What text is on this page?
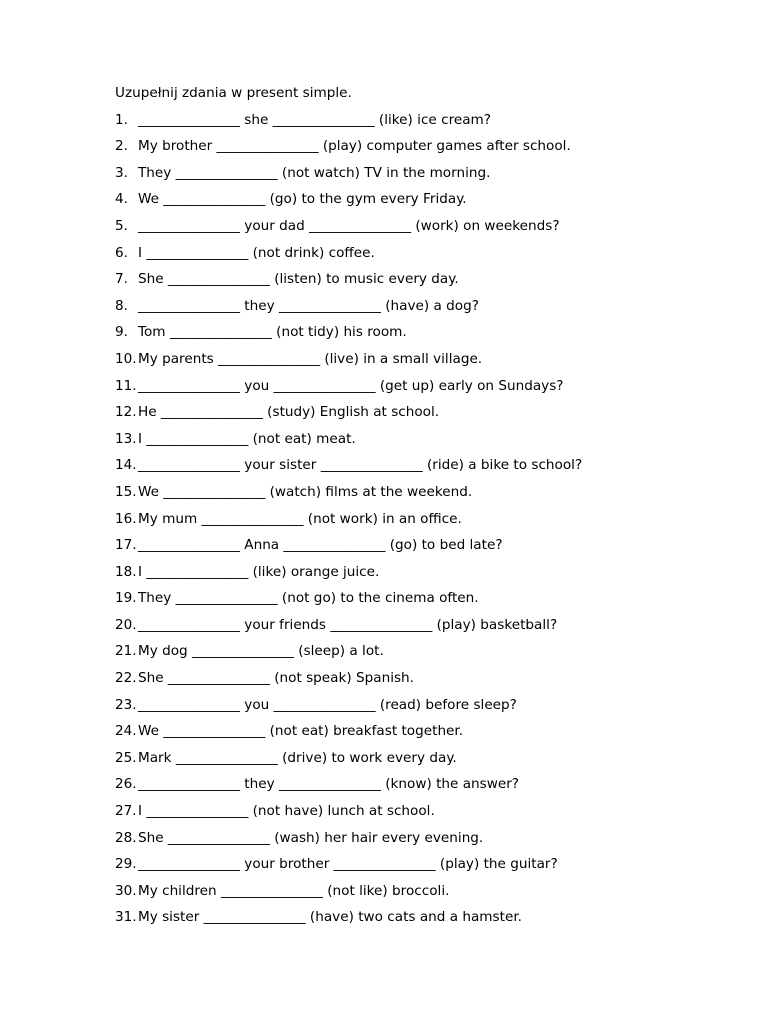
Uzupełnij zdania w present simple.
1. _______________ she _______________ (like) ice cream?
2. My brother _______________ (play) computer games after school.
3. They _______________ (not watch) TV in the morning.
4. We _______________ (go) to the gym every Friday.
5. _______________ your dad _______________ (work) on weekends?
6. I _______________ (not drink) coffee.
7. She _______________ (listen) to music every day.
8. _______________ they _______________ (have) a dog?
9. Tom _______________ (not tidy) his room.
10. My parents _______________ (live) in a small village.
11. _______________ you _______________ (get up) early on Sundays?
12. He _______________ (study) English at school.
13. I _______________ (not eat) meat.
14. _______________ your sister _______________ (ride) a bike to school?
15. We _______________ (watch) films at the weekend.
16. My mum _______________ (not work) in an office.
17. _______________ Anna _______________ (go) to bed late?
18. I _______________ (like) orange juice.
19. They _______________ (not go) to the cinema often.
20. _______________ your friends _______________ (play) basketball?
21. My dog _______________ (sleep) a lot.
22. She _______________ (not speak) Spanish.
23. _______________ you _______________ (read) before sleep?
24. We _______________ (not eat) breakfast together.
25. Mark _______________ (drive) to work every day.
26. _______________ they _______________ (know) the answer?
27. I _______________ (not have) lunch at school.
28. She _______________ (wash) her hair every evening.
29. _______________ your brother _______________ (play) the guitar?
30. My children _______________ (not like) broccoli.
31. My sister _______________ (have) two cats and a hamster.
